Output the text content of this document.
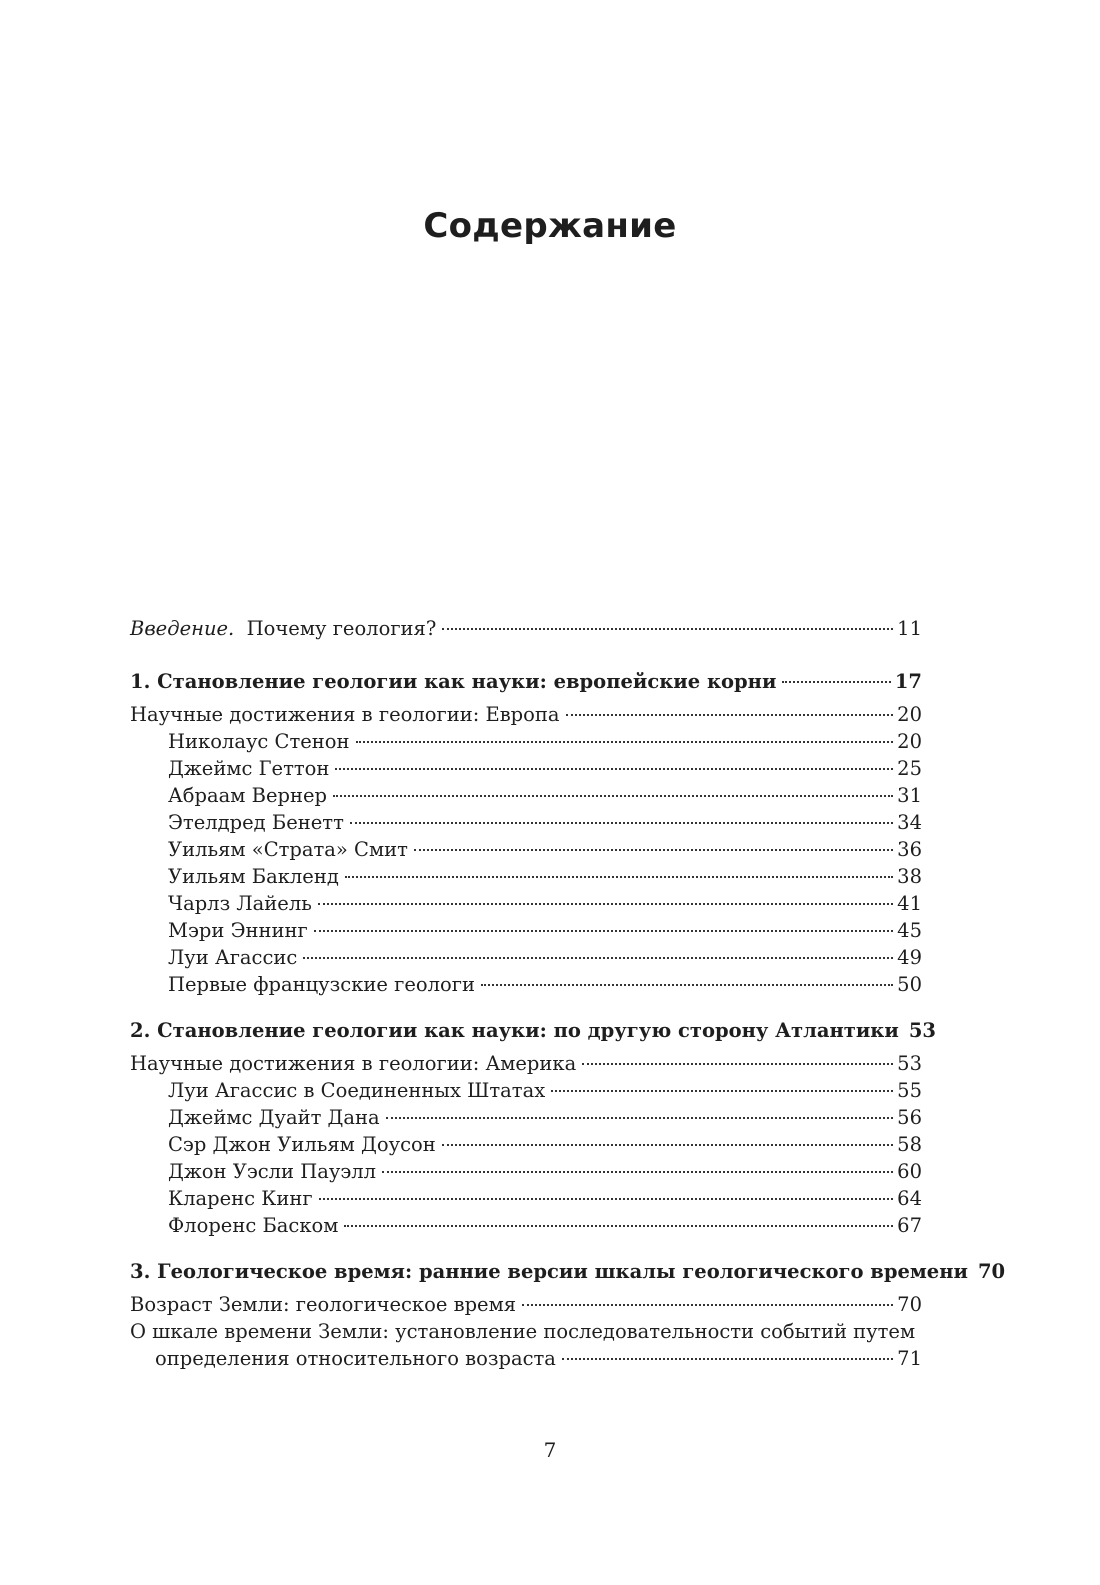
Содержание
Введение. Почему геология?	11
1. Становление геологии как науки: европейские корни	17
Научные достижения в геологии: Европа	20
Николаус Стенон	20
Джеймс Геттон	25
Абраам Вернер	31
Этелдред Бенетт	34
Уильям «Страта» Смит	36
Уильям Бакленд	38
Чарлз Лайель	41
Мэри Эннинг	45
Луи Агассис	49
Первые французские геологи	50
2. Становление геологии как науки: по другую сторону Атлантики 53
Научные достижения в геологии: Америка	53
Луи Агассис в Соединенных Штатах	55
Джеймс Дуайт Дана	56
Сэр Джон Уильям Доусон	58
Джон Уэсли Пауэлл	60
Кларенс Кинг	64
Флоренс Баском	67
3. Геологическое время: ранние версии шкалы геологического времени 70
Возраст Земли: геологическое время	70
О шкале времени Земли: установление последовательности событий путем
определения относительного возраста	71
7
